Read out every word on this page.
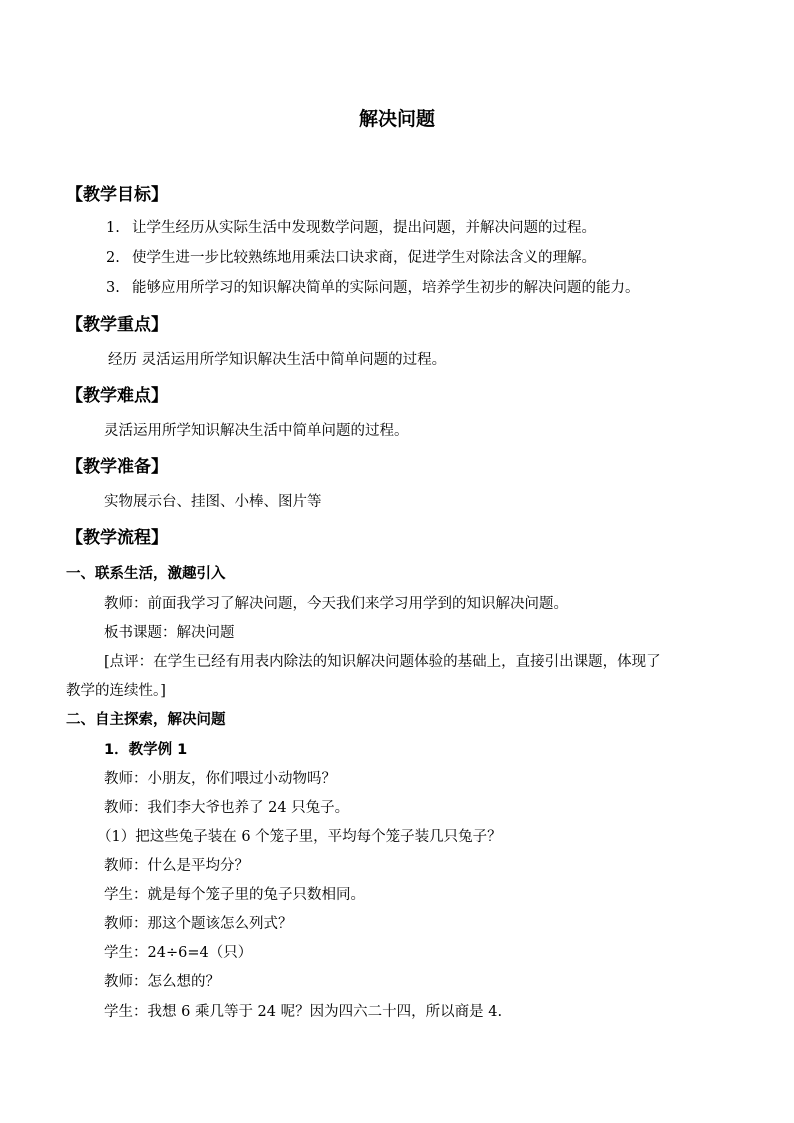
解决问题
【教学目标】
1. 让学生经历从实际生活中发现数学问题，提出问题，并解决问题的过程。
2. 使学生进一步比较熟练地用乘法口诀求商，促进学生对除法含义的理解。
3. 能够应用所学习的知识解决简单的实际问题，培养学生初步的解决问题的能力。
【教学重点】
经历 灵活运用所学知识解决生活中简单问题的过程。
【教学难点】
灵活运用所学知识解决生活中简单问题的过程。
【教学准备】
实物展示台、挂图、小棒、图片等
【教学流程】
一、联系生活，激趣引入
教师：前面我学习了解决问题，今天我们来学习用学到的知识解决问题。
板书课题：解决问题
[点评：在学生已经有用表内除法的知识解决问题体验的基础上，直接引出课题，体现了
教学的连续性。]
二、自主探索，解决问题
1．教学例 1
教师：小朋友，你们喂过小动物吗？
教师：我们李大爷也养了 24 只兔子。
（1）把这些兔子装在 6 个笼子里，平均每个笼子装几只兔子？
教师：什么是平均分？
学生：就是每个笼子里的兔子只数相同。
教师：那这个题该怎么列式？
学生：24÷6=4（只）
教师：怎么想的？
学生：我想 6 乘几等于 24 呢？因为四六二十四，所以商是 4.
